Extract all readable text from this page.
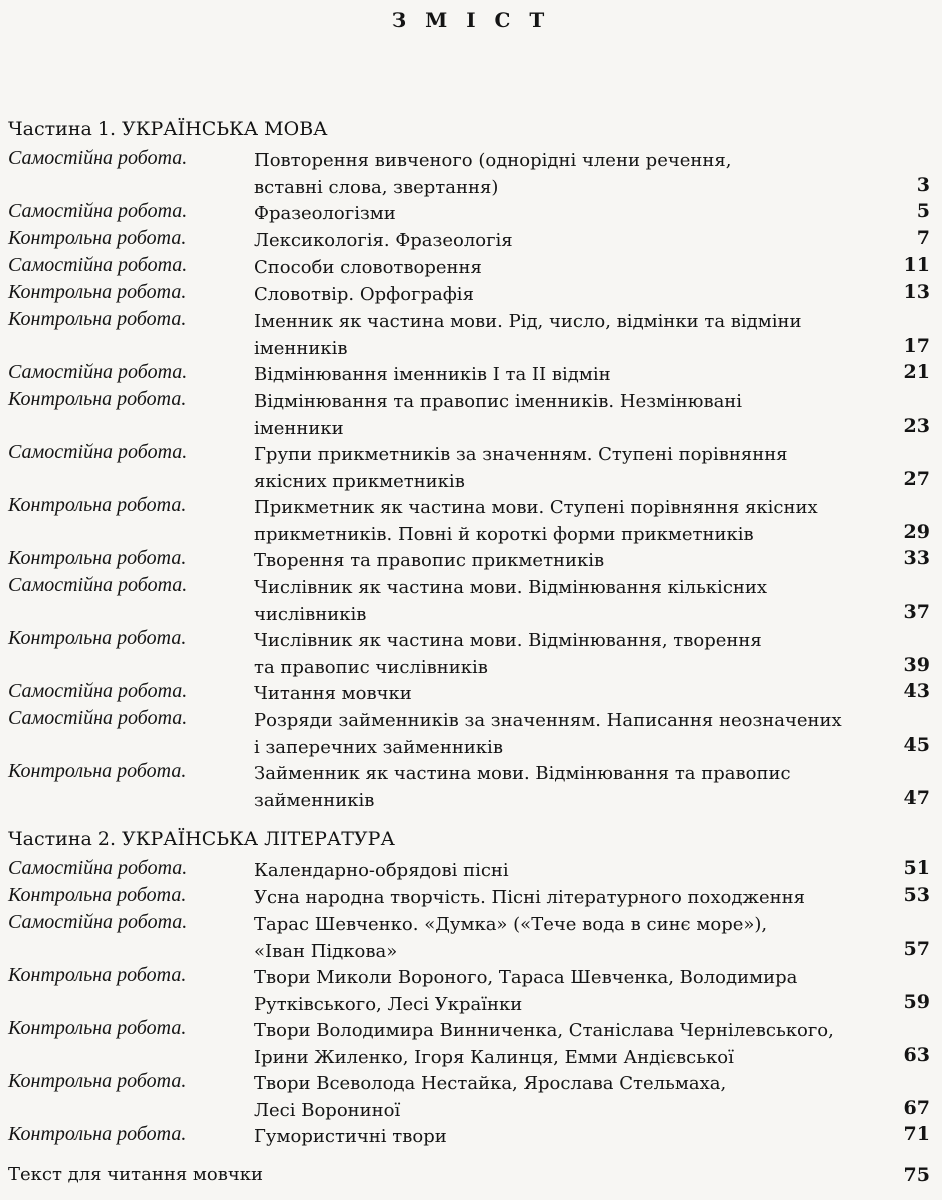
З М І С Т
Частина 1. УКРАЇНСЬКА МОВА
Самостійна робота.	Повторення вивченого (однорідні члени речення,
вставні слова, звертання)	3
Самостійна робота.	Фразеологізми	5
Контрольна робота.	Лексикологія. Фразеологія	7
Самостійна робота.	Способи словотворення	11
Контрольна робота.	Словотвір. Орфографія	13
Контрольна робота.	Іменник як частина мови. Рід, число, відмінки та відміни
іменників	17
Самостійна робота.	Відмінювання іменників І та ІІ відмін	21
Контрольна робота.	Відмінювання та правопис іменників. Незмінювані
іменники	23
Самостійна робота.	Групи прикметників за значенням. Ступені порівняння
якісних прикметників	27
Контрольна робота.	Прикметник як частина мови. Ступені порівняння якісних
прикметників. Повні й короткі форми прикметників	29
Контрольна робота.	Творення та правопис прикметників	33
Самостійна робота.	Числівник як частина мови. Відмінювання кількісних
числівників	37
Контрольна робота.	Числівник як частина мови. Відмінювання, творення
та правопис числівників	39
Самостійна робота.	Читання мовчки	43
Самостійна робота.	Розряди займенників за значенням. Написання неозначених
і заперечних займенників	45
Контрольна робота.	Займенник як частина мови. Відмінювання та правопис
займенників	47
Частина 2. УКРАЇНСЬКА ЛІТЕРАТУРА
Самостійна робота.	Календарно-обрядові пісні	51
Контрольна робота.	Усна народна творчість. Пісні літературного походження	53
Самостійна робота.	Тарас Шевченко. «Думка» («Тече вода в синє море»),
«Іван Підкова»	57
Контрольна робота.	Твори Миколи Вороного, Тараса Шевченка, Володимира
Рутківського, Лесі Українки	59
Контрольна робота.	Твори Володимира Винниченка, Станіслава Чернілевського,
Ірини Жиленко, Ігоря Калинця, Емми Андієвської	63
Контрольна робота.	Твори Всеволода Нестайка, Ярослава Стельмаха,
Лесі Ворониної	67
Контрольна робота.	Гумористичні твори	71
Текст для читання мовчки	75
